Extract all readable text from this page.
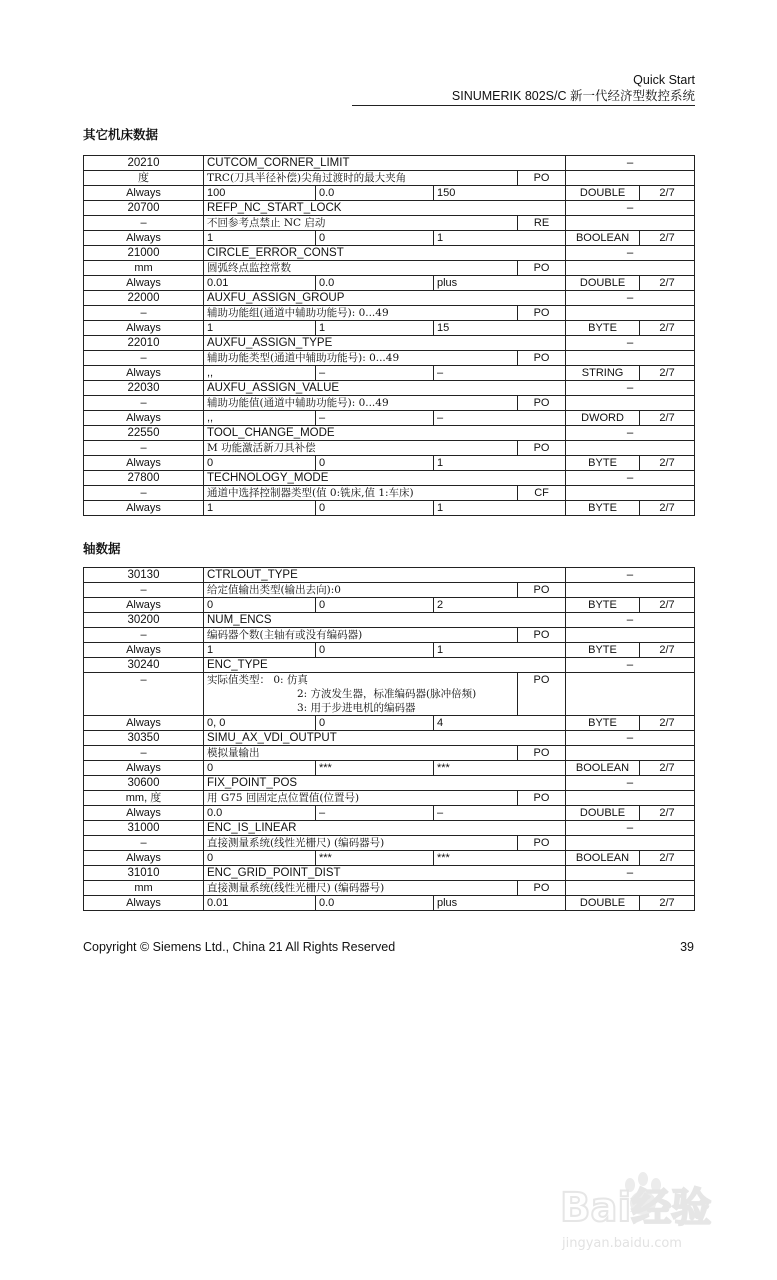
Quick Start
SINUMERIK 802S/C 新一代经济型数控系统
其它机床数据
20210	CUTCOM_CORNER_LIMIT				–	
度	TRC(刀具半径补偿)尖角过渡时的最大夹角			PO		
Always	100	0.0	150		DOUBLE	2/7
20700	REFP_NC_START_LOCK				–	
–	不回参考点禁止 NC 启动			RE		
Always	1	0	1		BOOLEAN	2/7
21000	CIRCLE_ERROR_CONST				–	
mm	圆弧终点监控常数			PO		
Always	0.01	0.0	plus		DOUBLE	2/7
22000	AUXFU_ASSIGN_GROUP				–	
–	辅助功能组(通道中辅助功能号): 0...49			PO		
Always	1	1	15		BYTE	2/7
22010	AUXFU_ASSIGN_TYPE				–	
–	辅助功能类型(通道中辅助功能号): 0...49			PO		
Always	,,	–	–		STRING	2/7
22030	AUXFU_ASSIGN_VALUE				–	
–	辅助功能值(通道中辅助功能号): 0...49			PO		
Always	,,	–	–		DWORD	2/7
22550	TOOL_CHANGE_MODE				–	
–	M 功能激活新刀具补偿			PO		
Always	0	0	1		BYTE	2/7
27800	TECHNOLOGY_MODE				–	
–	通道中选择控制器类型(值 0:铣床,值 1:车床)			CF		
Always	1	0	1		BYTE	2/7
轴数据
30130	CTRLOUT_TYPE				–	
–	给定值输出类型(输出去向):0			PO		
Always	0	0	2		BYTE	2/7
30200	NUM_ENCS				–	
–	编码器个数(主轴有或没有编码器)			PO		
Always	1	0	1		BYTE	2/7
30240	ENC_TYPE				–	
–	实际值类型： 0: 仿真
2: 方波发生器，标准编码器(脉冲倍频)
3: 用于步进电机的编码器			PO		
Always	0, 0	0	4		BYTE	2/7
30350	SIMU_AX_VDI_OUTPUT				–	
–	模拟量输出			PO		
Always	0	***	***		BOOLEAN	2/7
30600	FIX_POINT_POS				–	
mm, 度	用 G75 回固定点位置值(位置号)			PO		
Always	0.0	–	–		DOUBLE	2/7
31000	ENC_IS_LINEAR				–	
–	直接测量系统(线性光栅尺) (编码器号)			PO		
Always	0	***	***		BOOLEAN	2/7
31010	ENC_GRID_POINT_DIST				–	
mm	直接测量系统(线性光栅尺) (编码器号)			PO		
Always	0.01	0.0	plus		DOUBLE	2/7
Copyright © Siemens Ltd., China 21 All Rights Reserved	39
Bai经验
jingyan.baidu.com
